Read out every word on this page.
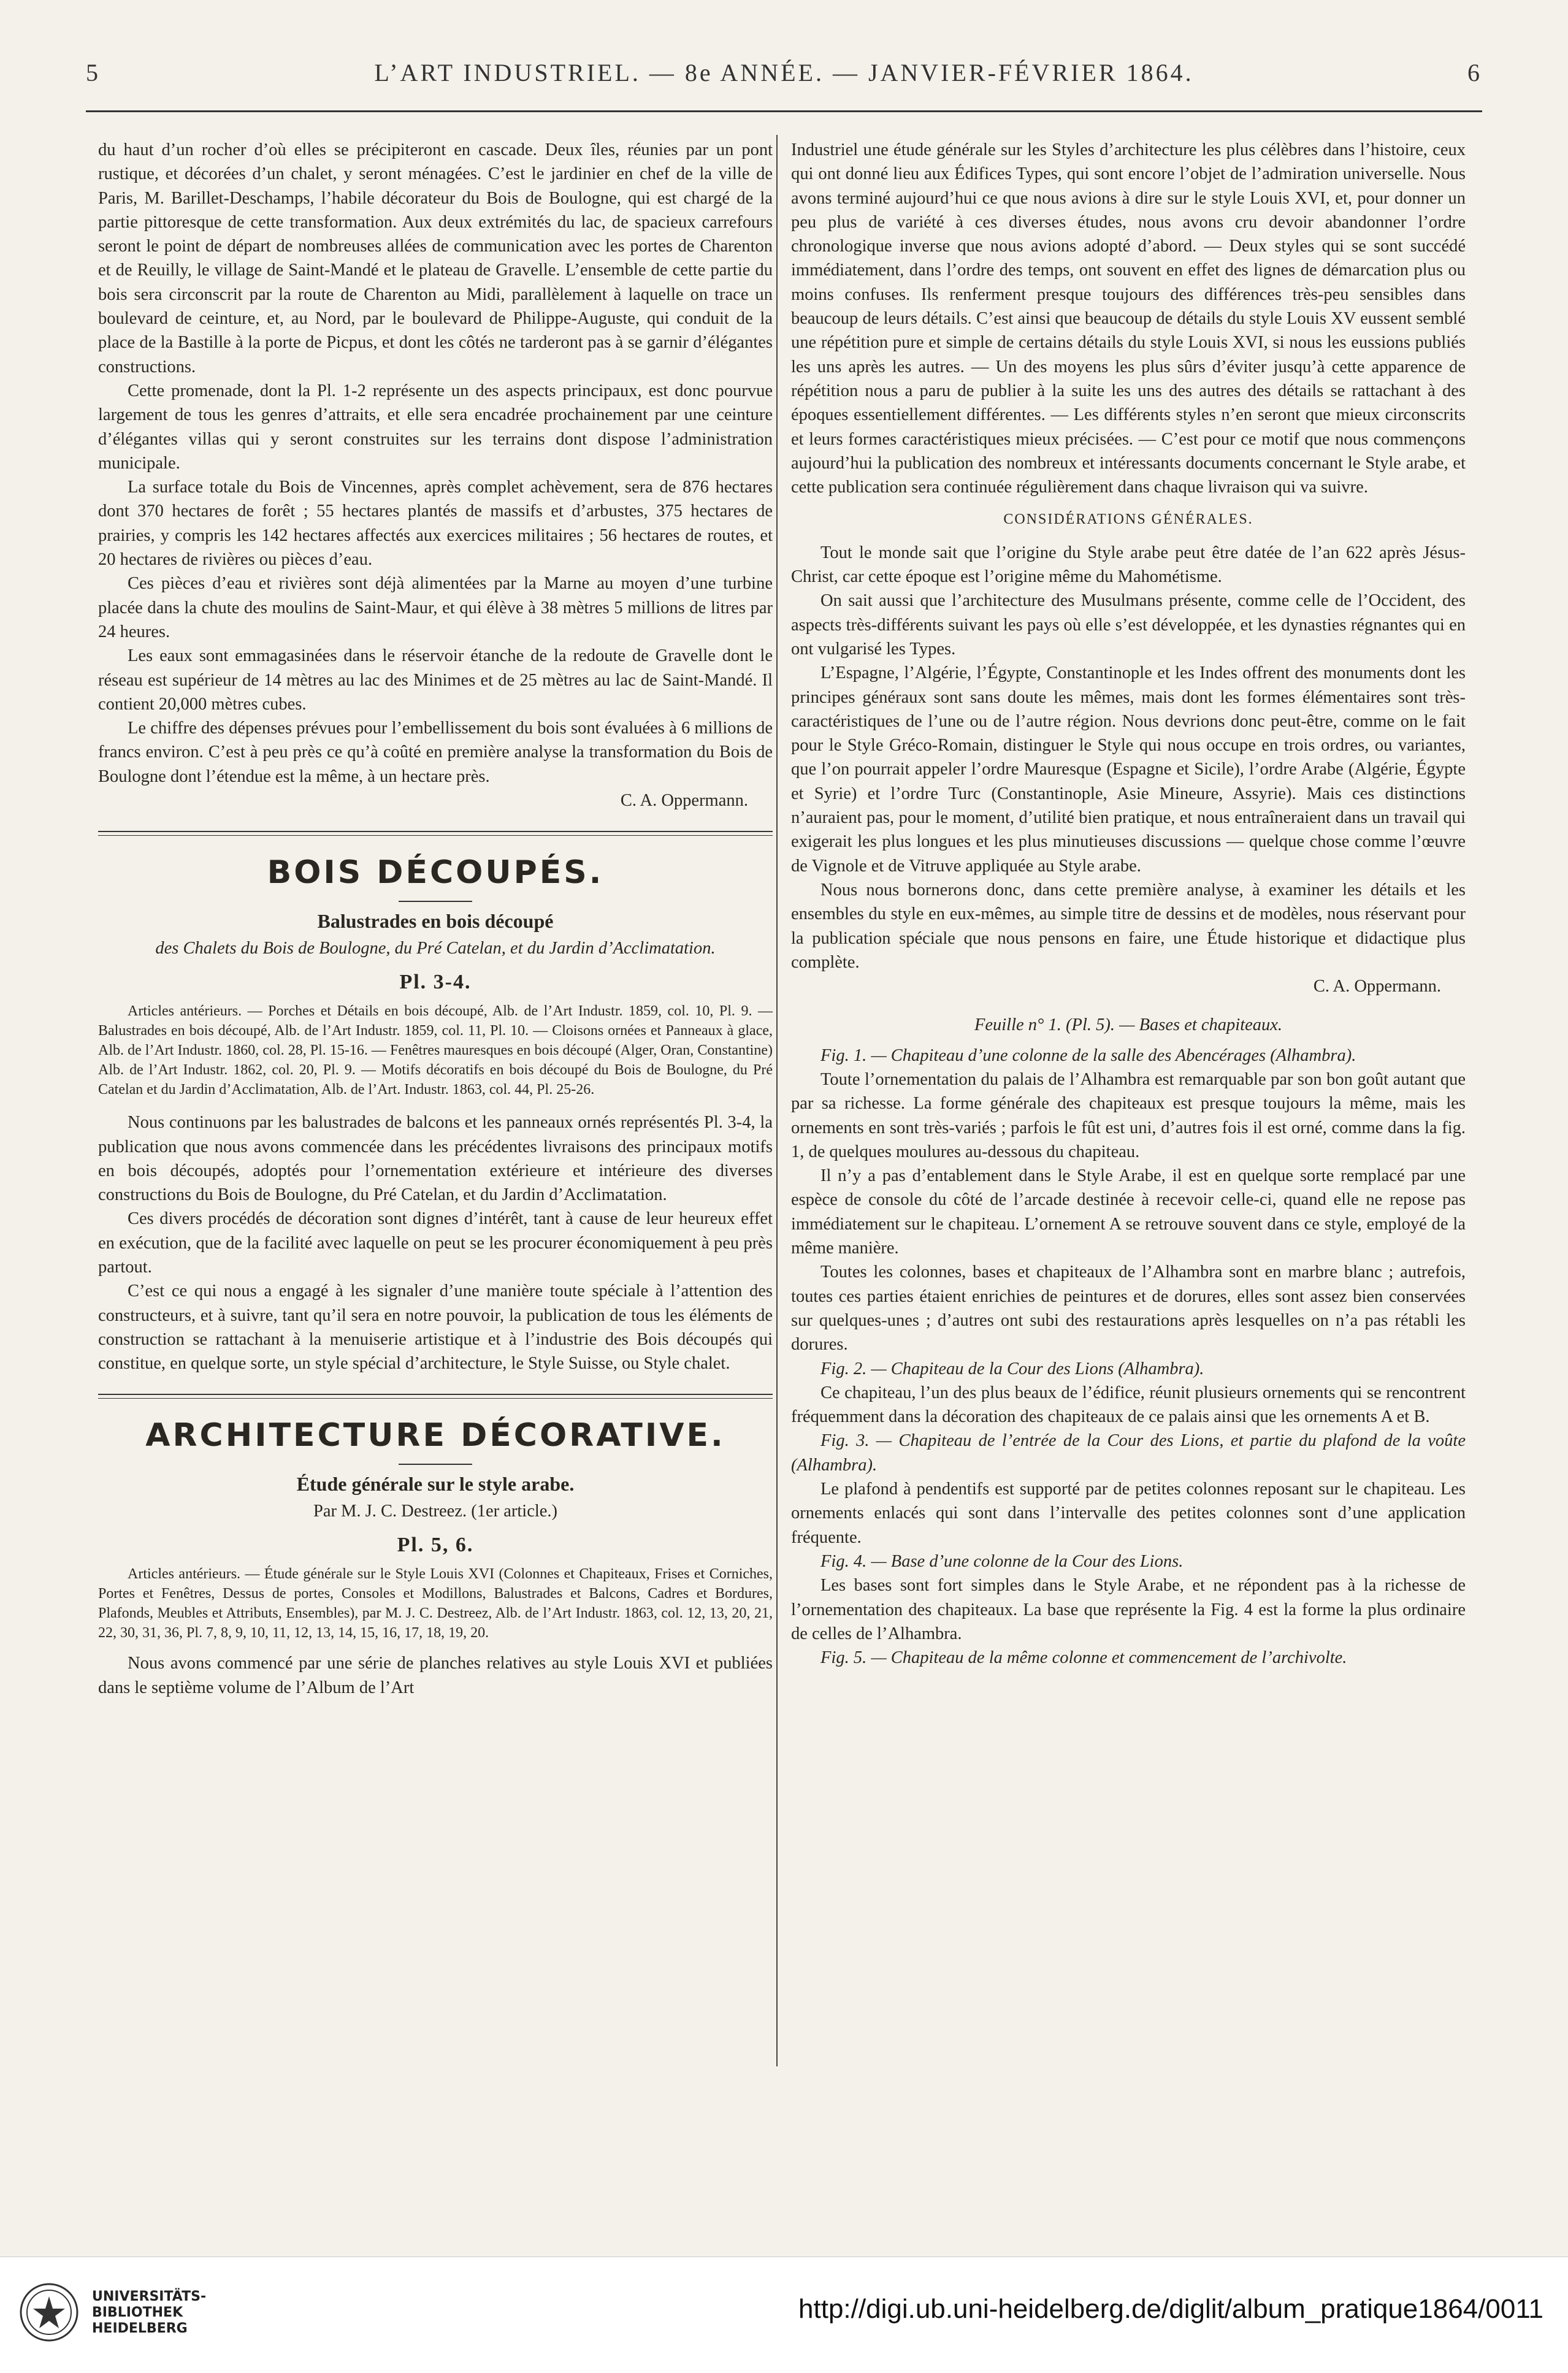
5	L’ART INDUSTRIEL. — 8e ANNÉE. — JANVIER-FÉVRIER 1864.	6

du haut d’un rocher d’où elles se précipiteront en cascade. Deux îles, réunies par un pont rustique, et décorées d’un chalet, y seront ménagées. C’est le jardinier en chef de la ville de Paris, M. Barillet-Deschamps, l’habile décorateur du Bois de Boulogne, qui est chargé de la partie pittoresque de cette transformation. Aux deux extrémités du lac, de spacieux carrefours seront le point de départ de nombreuses allées de communication avec les portes de Charenton et de Reuilly, le village de Saint-Mandé et le plateau de Gravelle. L’ensemble de cette partie du bois sera circonscrit par la route de Charenton au Midi, parallèlement à laquelle on trace un boulevard de ceinture, et, au Nord, par le boulevard de Philippe-Auguste, qui conduit de la place de la Bastille à la porte de Picpus, et dont les côtés ne tarderont pas à se garnir d’élégantes constructions.

Cette promenade, dont la Pl. 1-2 représente un des aspects principaux, est donc pourvue largement de tous les genres d’attraits, et elle sera encadrée prochainement par une ceinture d’élégantes villas qui y seront construites sur les terrains dont dispose l’administration municipale.

La surface totale du Bois de Vincennes, après complet achèvement, sera de 876 hectares dont 370 hectares de forêt ; 55 hectares plantés de massifs et d’arbustes, 375 hectares de prairies, y compris les 142 hectares affectés aux exercices militaires ; 56 hectares de routes, et 20 hectares de rivières ou pièces d’eau.

Ces pièces d’eau et rivières sont déjà alimentées par la Marne au moyen d’une turbine placée dans la chute des moulins de Saint-Maur, et qui élève à 38 mètres 5 millions de litres par 24 heures.

Les eaux sont emmagasinées dans le réservoir étanche de la redoute de Gravelle dont le réseau est supérieur de 14 mètres au lac des Minimes et de 25 mètres au lac de Saint-Mandé. Il contient 20,000 mètres cubes.

Le chiffre des dépenses prévues pour l’embellissement du bois sont évaluées à 6 millions de francs environ. C’est à peu près ce qu’à coûté en première analyse la transformation du Bois de Boulogne dont l’étendue est la même, à un hectare près.

C. A. Oppermann.

BOIS DÉCOUPÉS.
Balustrades en bois découpé

des Chalets du Bois de Boulogne, du Pré Catelan, et du Jardin d’Acclimatation.

Pl. 3-4.

Articles antérieurs. — Porches et Détails en bois découpé, Alb. de l’Art Industr. 1859, col. 10, Pl. 9. — Balustrades en bois découpé, Alb. de l’Art Industr. 1859, col. 11, Pl. 10. — Cloisons ornées et Panneaux à glace, Alb. de l’Art Industr. 1860, col. 28, Pl. 15-16. — Fenêtres mauresques en bois découpé (Alger, Oran, Constantine) Alb. de l’Art Industr. 1862, col. 20, Pl. 9. — Motifs décoratifs en bois découpé du Bois de Boulogne, du Pré Catelan et du Jardin d’Acclimatation, Alb. de l’Art. Industr. 1863, col. 44, Pl. 25-26.

Nous continuons par les balustrades de balcons et les panneaux ornés représentés Pl. 3-4, la publication que nous avons commencée dans les précédentes livraisons des principaux motifs en bois découpés, adoptés pour l’ornementation extérieure et intérieure des diverses constructions du Bois de Boulogne, du Pré Catelan, et du Jardin d’Acclimatation.

Ces divers procédés de décoration sont dignes d’intérêt, tant à cause de leur heureux effet en exécution, que de la facilité avec laquelle on peut se les procurer économiquement à peu près partout.

C’est ce qui nous a engagé à les signaler d’une manière toute spéciale à l’attention des constructeurs, et à suivre, tant qu’il sera en notre pouvoir, la publication de tous les éléments de construction se rattachant à la menuiserie artistique et à l’industrie des Bois découpés qui constitue, en quelque sorte, un style spécial d’architecture, le Style Suisse, ou Style chalet.

ARCHITECTURE DÉCORATIVE.
Étude générale sur le style arabe.

Par M. J. C. Destreez. (1er article.)

Pl. 5, 6.

Articles antérieurs. — Étude générale sur le Style Louis XVI (Colonnes et Chapiteaux, Frises et Corniches, Portes et Fenêtres, Dessus de portes, Consoles et Modillons, Balustrades et Balcons, Cadres et Bordures, Plafonds, Meubles et Attributs, Ensembles), par M. J. C. Destreez, Alb. de l’Art Industr. 1863, col. 12, 13, 20, 21, 22, 30, 31, 36, Pl. 7, 8, 9, 10, 11, 12, 13, 14, 15, 16, 17, 18, 19, 20.

Nous avons commencé par une série de planches relatives au style Louis XVI et publiées dans le septième volume de l’Album de l’Art

Industriel une étude générale sur les Styles d’architecture les plus célèbres dans l’histoire, ceux qui ont donné lieu aux Édifices Types, qui sont encore l’objet de l’admiration universelle. Nous avons terminé aujourd’hui ce que nous avions à dire sur le style Louis XVI, et, pour donner un peu plus de variété à ces diverses études, nous avons cru devoir abandonner l’ordre chronologique inverse que nous avions adopté d’abord. — Deux styles qui se sont succédé immédiatement, dans l’ordre des temps, ont souvent en effet des lignes de démarcation plus ou moins confuses. Ils renferment presque toujours des différences très-peu sensibles dans beaucoup de leurs détails. C’est ainsi que beaucoup de détails du style Louis XV eussent semblé une répétition pure et simple de certains détails du style Louis XVI, si nous les eussions publiés les uns après les autres. — Un des moyens les plus sûrs d’éviter jusqu’à cette apparence de répétition nous a paru de publier à la suite les uns des autres des détails se rattachant à des époques essentiellement différentes. — Les différents styles n’en seront que mieux circonscrits et leurs formes caractéristiques mieux précisées. — C’est pour ce motif que nous commençons aujourd’hui la publication des nombreux et intéressants documents concernant le Style arabe, et cette publication sera continuée régulièrement dans chaque livraison qui va suivre.

CONSIDÉRATIONS GÉNÉRALES.

Tout le monde sait que l’origine du Style arabe peut être datée de l’an 622 après Jésus-Christ, car cette époque est l’origine même du Mahométisme.

On sait aussi que l’architecture des Musulmans présente, comme celle de l’Occident, des aspects très-différents suivant les pays où elle s’est développée, et les dynasties régnantes qui en ont vulgarisé les Types.

L’Espagne, l’Algérie, l’Égypte, Constantinople et les Indes offrent des monuments dont les principes généraux sont sans doute les mêmes, mais dont les formes élémentaires sont très-caractéristiques de l’une ou de l’autre région. Nous devrions donc peut-être, comme on le fait pour le Style Gréco-Romain, distinguer le Style qui nous occupe en trois ordres, ou variantes, que l’on pourrait appeler l’ordre Mauresque (Espagne et Sicile), l’ordre Arabe (Algérie, Égypte et Syrie) et l’ordre Turc (Constantinople, Asie Mineure, Assyrie). Mais ces distinctions n’auraient pas, pour le moment, d’utilité bien pratique, et nous entraîneraient dans un travail qui exigerait les plus longues et les plus minutieuses discussions — quelque chose comme l’œuvre de Vignole et de Vitruve appliquée au Style arabe.

Nous nous bornerons donc, dans cette première analyse, à examiner les détails et les ensembles du style en eux-mêmes, au simple titre de dessins et de modèles, nous réservant pour la publication spéciale que nous pensons en faire, une Étude historique et didactique plus complète.

C. A. Oppermann.

Feuille n° 1. (Pl. 5). — Bases et chapiteaux.

Fig. 1. — Chapiteau d’une colonne de la salle des Abencérages (Alhambra).

Toute l’ornementation du palais de l’Alhambra est remarquable par son bon goût autant que par sa richesse. La forme générale des chapiteaux est presque toujours la même, mais les ornements en sont très-variés ; parfois le fût est uni, d’autres fois il est orné, comme dans la fig. 1, de quelques moulures au-dessous du chapiteau.

Il n’y a pas d’entablement dans le Style Arabe, il est en quelque sorte remplacé par une espèce de console du côté de l’arcade destinée à recevoir celle-ci, quand elle ne repose pas immédiatement sur le chapiteau. L’ornement A se retrouve souvent dans ce style, employé de la même manière.

Toutes les colonnes, bases et chapiteaux de l’Alhambra sont en marbre blanc ; autrefois, toutes ces parties étaient enrichies de peintures et de dorures, elles sont assez bien conservées sur quelques-unes ; d’autres ont subi des restaurations après lesquelles on n’a pas rétabli les dorures.

Fig. 2. — Chapiteau de la Cour des Lions (Alhambra).

Ce chapiteau, l’un des plus beaux de l’édifice, réunit plusieurs ornements qui se rencontrent fréquemment dans la décoration des chapiteaux de ce palais ainsi que les ornements A et B.

Fig. 3. — Chapiteau de l’entrée de la Cour des Lions, et partie du plafond de la voûte (Alhambra).

Le plafond à pendentifs est supporté par de petites colonnes reposant sur le chapiteau. Les ornements enlacés qui sont dans l’intervalle des petites colonnes sont d’une application fréquente.

Fig. 4. — Base d’une colonne de la Cour des Lions.

Les bases sont fort simples dans le Style Arabe, et ne répondent pas à la richesse de l’ornementation des chapiteaux. La base que représente la Fig. 4 est la forme la plus ordinaire de celles de l’Alhambra.

Fig. 5. — Chapiteau de la même colonne et commencement de l’archivolte.

UNIVERSITÄTS-
BIBLIOTHEK
HEIDELBERG
http://digi.ub.uni-heidelberg.de/diglit/album_pratique1864/0011
